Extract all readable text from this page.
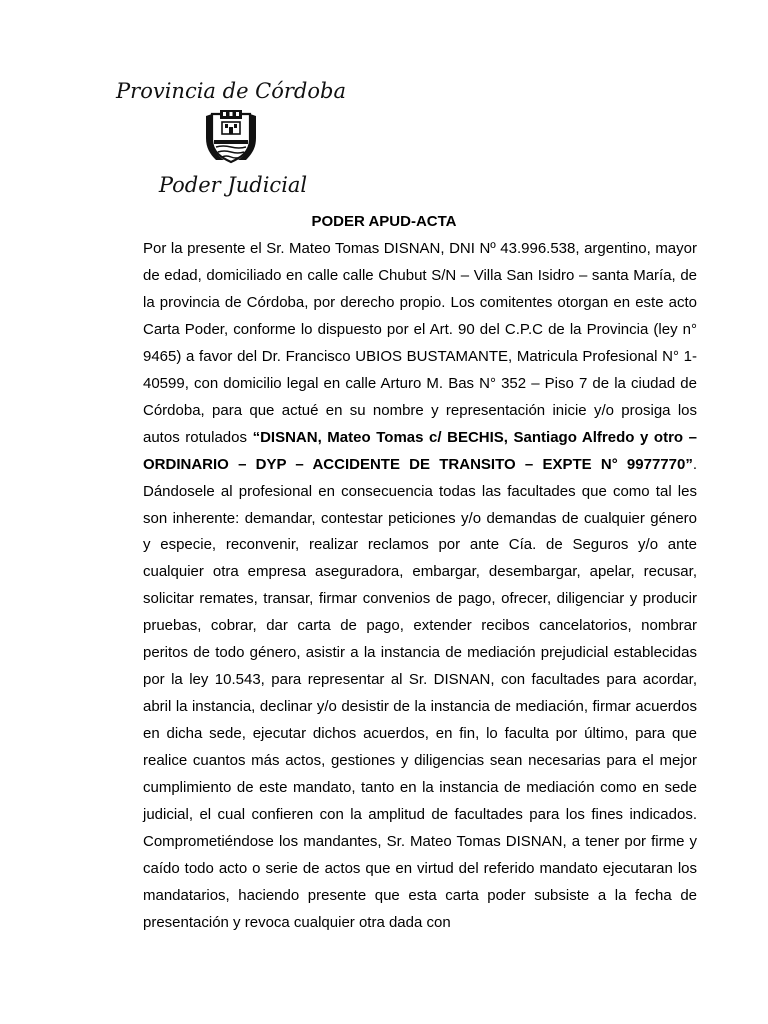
Provincia de Córdoba
Poder Judicial
PODER APUD-ACTA
Por la presente el Sr. Mateo Tomas DISNAN, DNI Nº 43.996.538, argentino, mayor de edad, domiciliado en calle calle Chubut S/N – Villa San Isidro – santa María, de la provincia de Córdoba, por derecho propio. Los comitentes otorgan en este acto Carta Poder, conforme lo dispuesto por el Art. 90 del C.P.C de la Provincia (ley n° 9465) a favor del Dr. Francisco UBIOS BUSTAMANTE, Matricula Profesional N° 1-40599, con domicilio legal en calle Arturo M. Bas N° 352 – Piso 7 de la ciudad de Córdoba, para que actué en su nombre y representación inicie y/o prosiga los autos rotulados “DISNAN, Mateo Tomas c/ BECHIS, Santiago Alfredo y otro – ORDINARIO – DYP – ACCIDENTE DE TRANSITO – EXPTE N° 9977770”. Dándosele al profesional en consecuencia todas las facultades que como tal les son inherente: demandar, contestar peticiones y/o demandas de cualquier género y especie, reconvenir, realizar reclamos por ante Cía. de Seguros y/o ante cualquier otra empresa aseguradora, embargar, desembargar, apelar, recusar, solicitar remates, transar, firmar convenios de pago, ofrecer, diligenciar y producir pruebas, cobrar, dar carta de pago, extender recibos cancelatorios, nombrar peritos de todo género, asistir a la instancia de mediación prejudicial establecidas por la ley 10.543, para representar al Sr. DISNAN, con facultades para acordar, abril la instancia, declinar y/o desistir de la instancia de mediación, firmar acuerdos en dicha sede, ejecutar dichos acuerdos, en fin, lo faculta por último, para que realice cuantos más actos, gestiones y diligencias sean necesarias para el mejor cumplimiento de este mandato, tanto en la instancia de mediación como en sede judicial, el cual confieren con la amplitud de facultades para los fines indicados. Comprometiéndose los mandantes, Sr. Mateo Tomas DISNAN, a tener por firme y caído todo acto o serie de actos que en virtud del referido mandato ejecutaran los mandatarios, haciendo presente que esta carta poder subsiste a la fecha de presentación y revoca cualquier otra dada con
